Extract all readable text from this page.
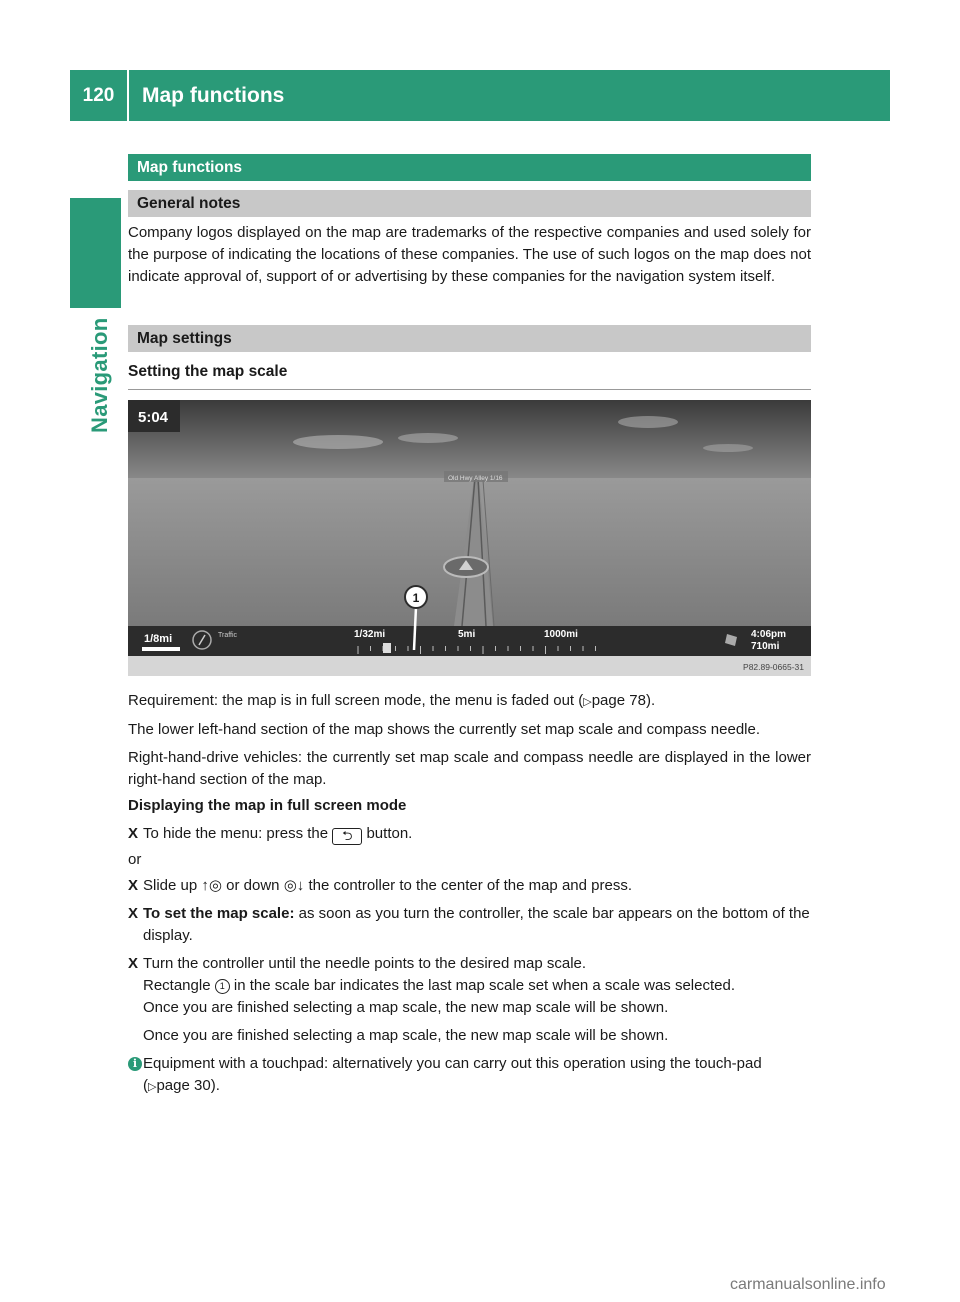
120	Map functions
Navigation
Map functions
General notes

Company logos displayed on the map are trademarks of the respective companies and used solely for the purpose of indicating the locations of these companies. The use of such logos on the map does not indicate approval of, support of or advertising by these companies for the navigation system itself.

Map settings
Setting the map scale
5:04
Old Hwy Alley 1/16
1/8mi	Traffic	1/32mi	5mi	1000mi
1
4:06pm
710mi
P82.89-0665-31

Requirement: the map is in full screen mode, the menu is faded out (▷page 78).

The lower left-hand section of the map shows the currently set map scale and compass needle.

Right-hand-drive vehicles: the currently set map scale and compass needle are displayed in the lower right-hand section of the map.

Displaying the map in full screen mode

X To hide the menu: press the ⮌ button.

or

X Slide up ↑◎ or down ◎↓ the controller to the center of the map and press.

X To set the map scale: as soon as you turn the controller, the scale bar appears on the bottom of the display.

X Turn the controller until the needle points to the desired map scale.

Rectangle 1 in the scale bar indicates the last map scale set when a scale was selected.

Once you are finished selecting a map scale, the new map scale will be shown.

Once you are finished selecting a map scale, the new map scale will be shown.

i Equipment with a touchpad: alternatively you can carry out this operation using the touch-pad (▷page 30).

carmanualsonline.info
